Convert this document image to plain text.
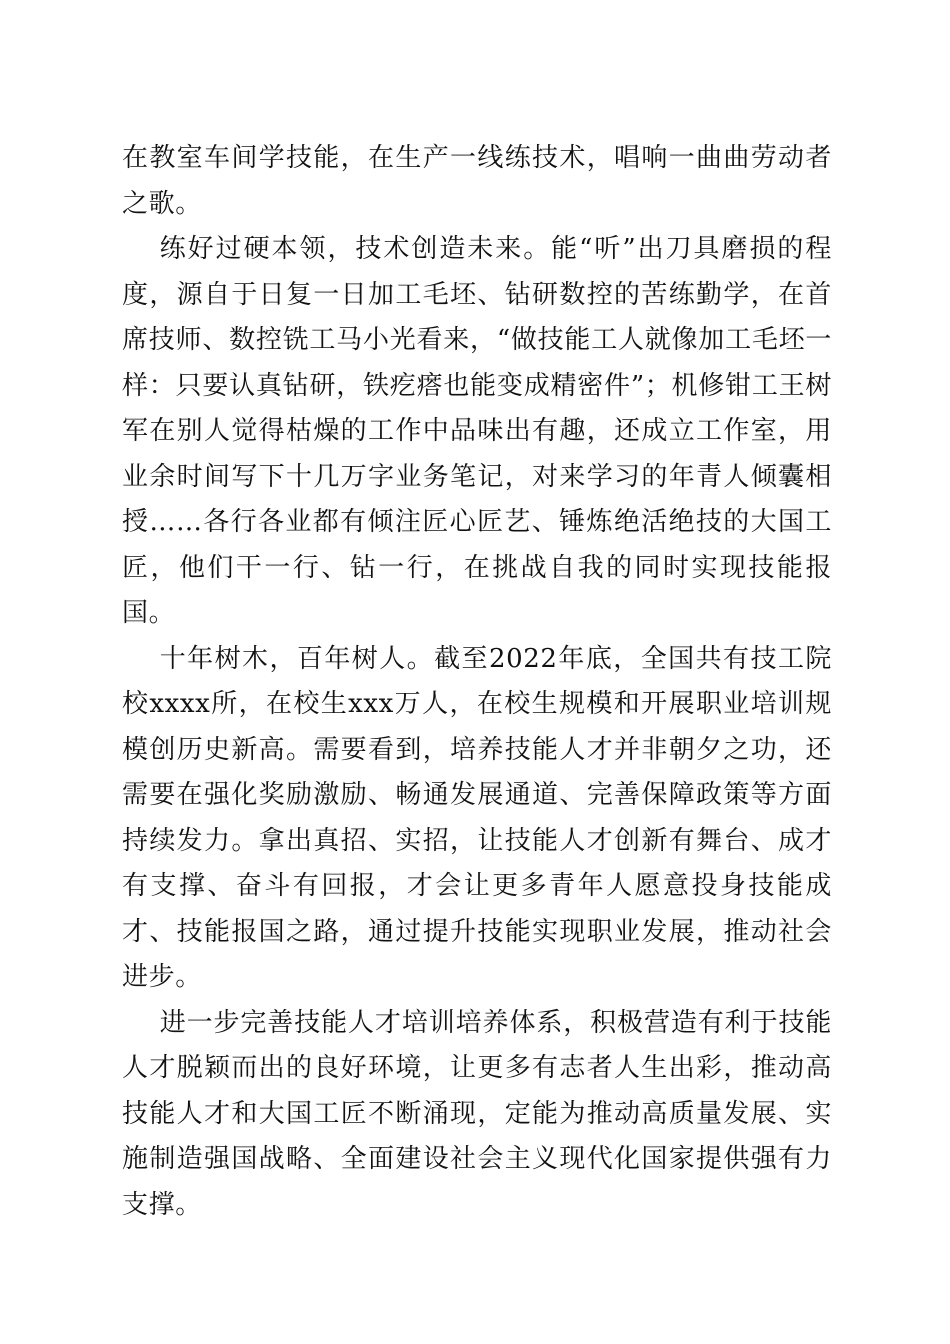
在教室车间学技能，在生产一线练技术，唱响一曲曲劳动者之歌。

练好过硬本领，技术创造未来。能“听”出刀具磨损的程度，源自于日复一日加工毛坯、钻研数控的苦练勤学，在首席技师、数控铣工马小光看来，“做技能工人就像加工毛坯一样：只要认真钻研，铁疙瘩也能变成精密件”；机修钳工王树军在别人觉得枯燥的工作中品味出有趣，还成立工作室，用业余时间写下十几万字业务笔记，对来学习的年青人倾囊相授……各行各业都有倾注匠心匠艺、锤炼绝活绝技的大国工匠，他们干一行、钻一行，在挑战自我的同时实现技能报国。

十年树木，百年树人。截至2022年底，全国共有技工院校xxxx所，在校生xxx万人，在校生规模和开展职业培训规模创历史新高。需要看到，培养技能人才并非朝夕之功，还需要在强化奖励激励、畅通发展通道、完善保障政策等方面持续发力。拿出真招、实招，让技能人才创新有舞台、成才有支撑、奋斗有回报，才会让更多青年人愿意投身技能成才、技能报国之路，通过提升技能实现职业发展，推动社会进步。

进一步完善技能人才培训培养体系，积极营造有利于技能人才脱颖而出的良好环境，让更多有志者人生出彩，推动高技能人才和大国工匠不断涌现，定能为推动高质量发展、实施制造强国战略、全面建设社会主义现代化国家提供强有力支撑。
